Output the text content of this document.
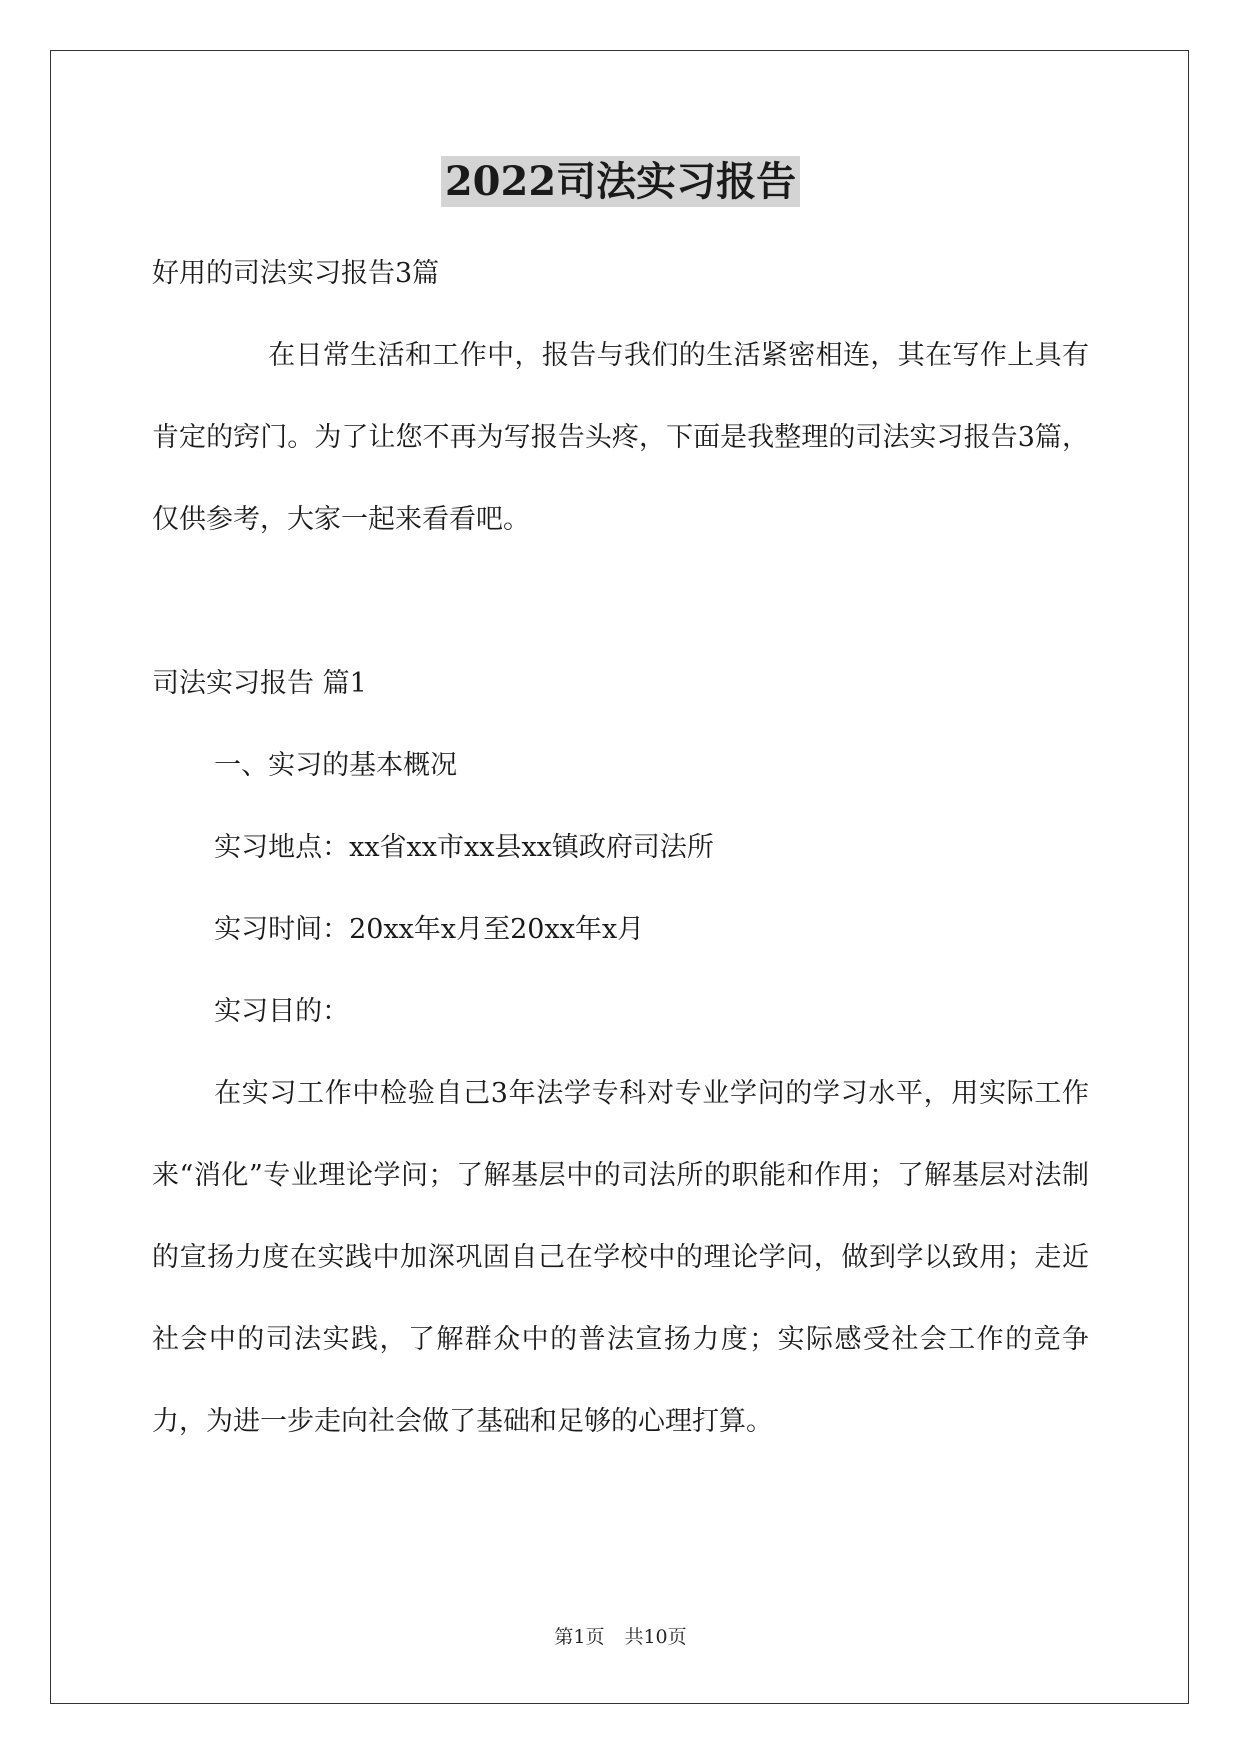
2022司法实习报告

好用的司法实习报告3篇

在日常生活和工作中，报告与我们的生活紧密相连，其在写作上具有肯定的窍门。为了让您不再为写报告头疼，下面是我整理的司法实习报告3篇，仅供参考，大家一起来看看吧。

司法实习报告 篇1

一、实习的基本概况

实习地点：xx省xx市xx县xx镇政府司法所

实习时间：20xx年x月至20xx年x月

实习目的：

在实习工作中检验自己3年法学专科对专业学问的学习水平，用实际工作来“消化”专业理论学问；了解基层中的司法所的职能和作用；了解基层对法制的宣扬力度在实践中加深巩固自己在学校中的理论学问，做到学以致用；走近社会中的司法实践，了解群众中的普法宣扬力度；实际感受社会工作的竞争力，为进一步走向社会做了基础和足够的心理打算。

第1页 共10页
